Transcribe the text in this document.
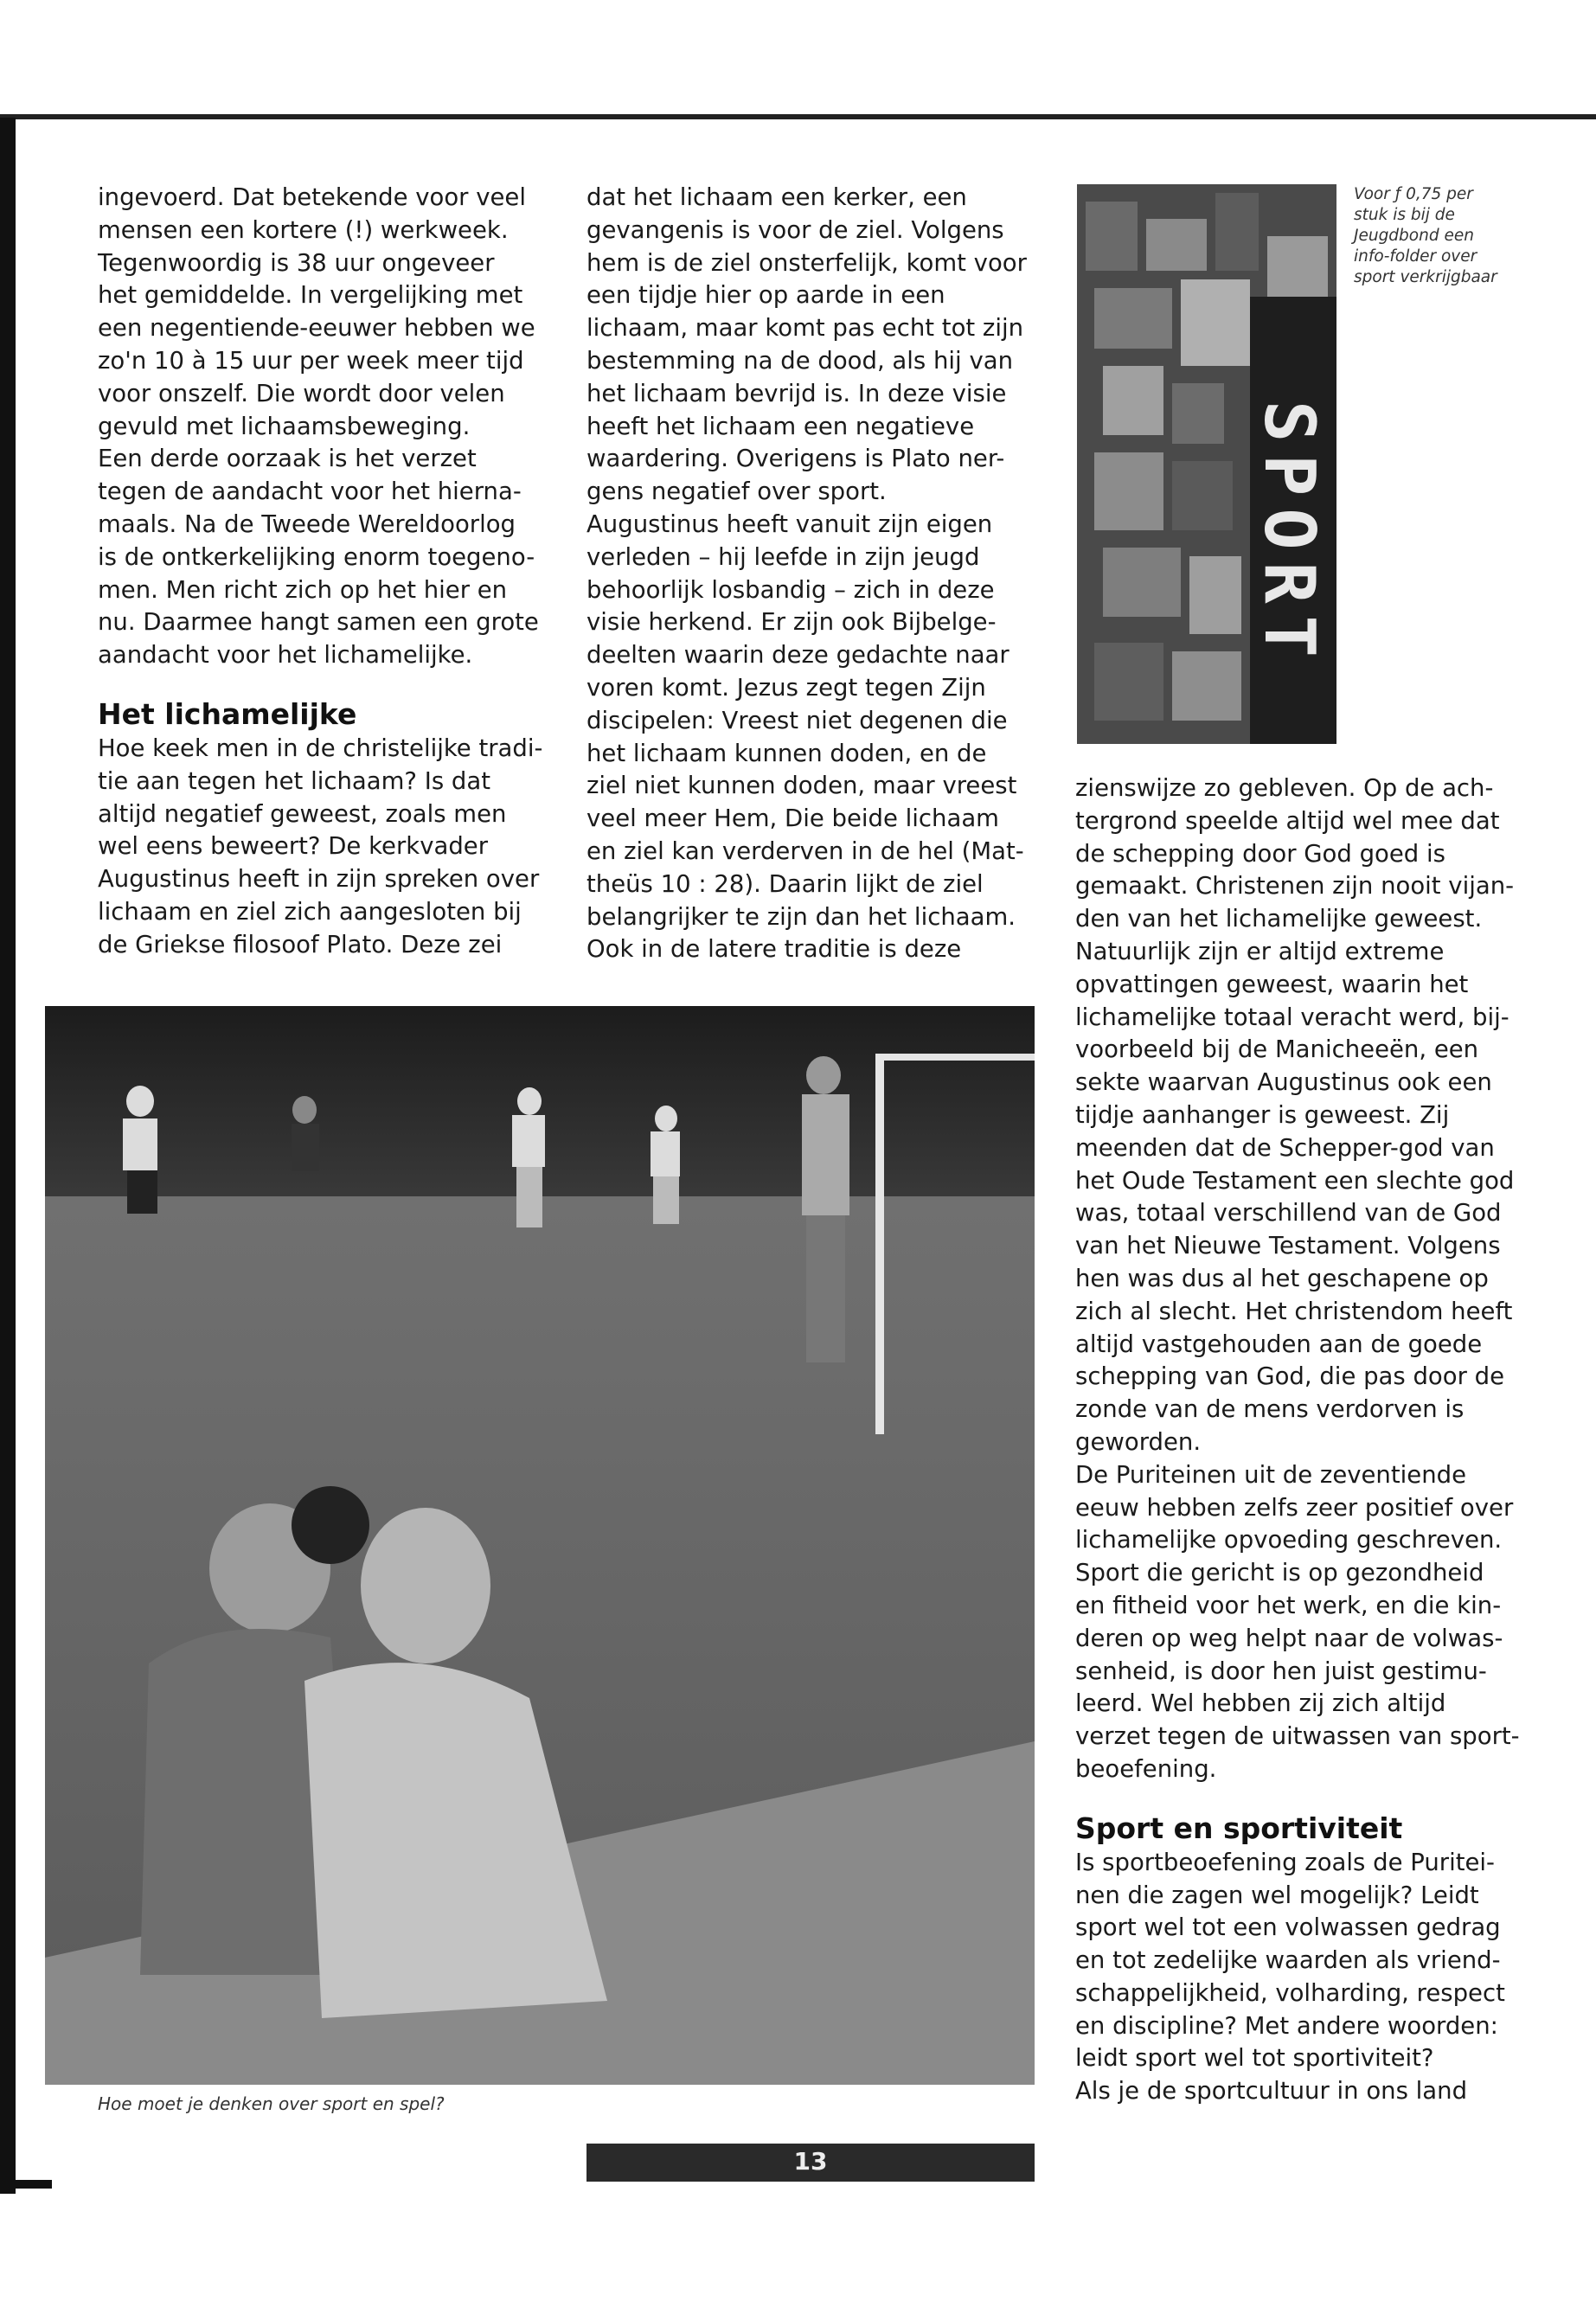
ingevoerd. Dat betekende voor veel
mensen een kortere (!) werkweek.
Tegenwoordig is 38 uur ongeveer
het gemiddelde. In vergelijking met
een negentiende-eeuwer hebben we
zo'n 10 à 15 uur per week meer tijd
voor onszelf. Die wordt door velen
gevuld met lichaamsbeweging.
Een derde oorzaak is het verzet
tegen de aandacht voor het hierna-
maals. Na de Tweede Wereldoorlog
is de ontkerkelijking enorm toegeno-
men. Men richt zich op het hier en
nu. Daarmee hangt samen een grote
aandacht voor het lichamelijke.

Het lichamelijke

Hoe keek men in de christelijke tradi-
tie aan tegen het lichaam? Is dat
altijd negatief geweest, zoals men
wel eens beweert? De kerkvader
Augustinus heeft in zijn spreken over
lichaam en ziel zich aangesloten bij
de Griekse filosoof Plato. Deze zei

dat het lichaam een kerker, een
gevangenis is voor de ziel. Volgens
hem is de ziel onsterfelijk, komt voor
een tijdje hier op aarde in een
lichaam, maar komt pas echt tot zijn
bestemming na de dood, als hij van
het lichaam bevrijd is. In deze visie
heeft het lichaam een negatieve
waardering. Overigens is Plato ner-
gens negatief over sport.
Augustinus heeft vanuit zijn eigen
verleden – hij leefde in zijn jeugd
behoorlijk losbandig – zich in deze
visie herkend. Er zijn ook Bijbelge-
deelten waarin deze gedachte naar
voren komt. Jezus zegt tegen Zijn
discipelen: Vreest niet degenen die
het lichaam kunnen doden, en de
ziel niet kunnen doden, maar vreest
veel meer Hem, Die beide lichaam
en ziel kan verderven in de hel (Mat-
theüs 10 : 28). Daarin lijkt de ziel
belangrijker te zijn dan het lichaam.
Ook in de latere traditie is deze

SPORT

Voor ƒ 0,75 per
stuk is bij de
Jeugdbond een
info-folder over
sport verkrijgbaar

zienswijze zo gebleven. Op de ach-
tergrond speelde altijd wel mee dat
de schepping door God goed is
gemaakt. Christenen zijn nooit vijan-
den van het lichamelijke geweest.
Natuurlijk zijn er altijd extreme
opvattingen geweest, waarin het
lichamelijke totaal veracht werd, bij-
voorbeeld bij de Manicheeën, een
sekte waarvan Augustinus ook een
tijdje aanhanger is geweest. Zij
meenden dat de Schepper-god van
het Oude Testament een slechte god
was, totaal verschillend van de God
van het Nieuwe Testament. Volgens
hen was dus al het geschapene op
zich al slecht. Het christendom heeft
altijd vastgehouden aan de goede
schepping van God, die pas door de
zonde van de mens verdorven is
geworden.

De Puriteinen uit de zeventiende
eeuw hebben zelfs zeer positief over
lichamelijke opvoeding geschreven.
Sport die gericht is op gezondheid
en fitheid voor het werk, en die kin-
deren op weg helpt naar de volwas-
senheid, is door hen juist gestimu-
leerd. Wel hebben zij zich altijd
verzet tegen de uitwassen van sport-
beoefening.

Sport en sportiviteit

Is sportbeoefening zoals de Puritei-
nen die zagen wel mogelijk? Leidt
sport wel tot een volwassen gedrag
en tot zedelijke waarden als vriend-
schappelijkheid, volharding, respect
en discipline? Met andere woorden:
leidt sport wel tot sportiviteit?
Als je de sportcultuur in ons land

Hoe moet je denken over sport en spel?
13
